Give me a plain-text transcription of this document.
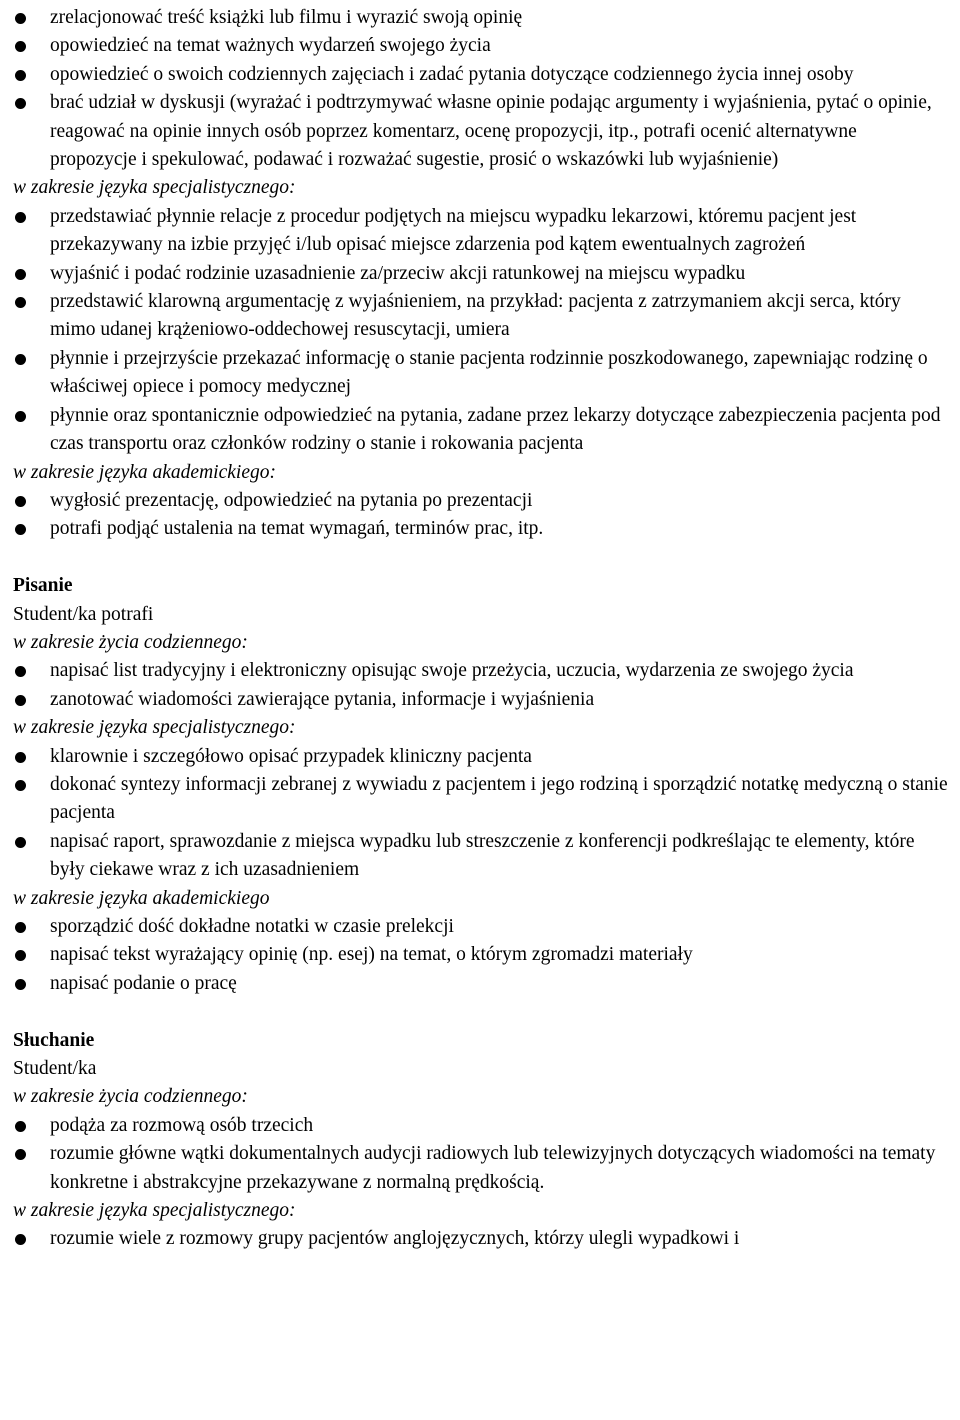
zrelacjonować treść książki lub filmu i wyrazić swoją opinię
opowiedzieć na temat ważnych wydarzeń swojego życia
opowiedzieć o swoich codziennych zajęciach i zadać pytania dotyczące codziennego życia innej osoby
brać udział w dyskusji (wyrażać i podtrzymywać własne opinie podając argumenty i wyjaśnienia, pytać o opinie, reagować na opinie innych osób poprzez komentarz, ocenę propozycji, itp., potrafi ocenić alternatywne propozycje i spekulować, podawać i rozważać sugestie, prosić o wskazówki lub wyjaśnienie)
w zakresie języka specjalistycznego:
przedstawiać płynnie relacje z procedur podjętych na miejscu wypadku lekarzowi, któremu pacjent jest przekazywany na izbie przyjęć i/lub opisać miejsce zdarzenia pod kątem ewentualnych zagrożeń
wyjaśnić i podać rodzinie uzasadnienie za/przeciw akcji ratunkowej na miejscu wypadku
przedstawić klarowną argumentację z wyjaśnieniem, na przykład: pacjenta z zatrzymaniem akcji serca, który mimo udanej krążeniowo-oddechowej resuscytacji, umiera
płynnie i przejrzyście przekazać informację o stanie pacjenta rodzinnie poszkodowanego, zapewniając rodzinę o właściwej opiece i pomocy medycznej
płynnie oraz spontanicznie odpowiedzieć na pytania, zadane przez lekarzy dotyczące zabezpieczenia pacjenta pod czas transportu oraz członków rodziny o stanie i rokowania pacjenta
w zakresie języka akademickiego:
wygłosić prezentację, odpowiedzieć na pytania po prezentacji
potrafi podjąć ustalenia na temat wymagań, terminów prac, itp.
Pisanie
Student/ka potrafi
w zakresie życia codziennego:
napisać list tradycyjny i elektroniczny opisując swoje przeżycia, uczucia, wydarzenia ze swojego życia
zanotować wiadomości zawierające pytania, informacje i wyjaśnienia
w zakresie języka specjalistycznego:
klarownie i szczegółowo opisać przypadek kliniczny pacjenta
dokonać syntezy informacji zebranej z wywiadu z pacjentem i jego rodziną i sporządzić notatkę medyczną o stanie pacjenta
napisać raport, sprawozdanie z miejsca wypadku lub streszczenie z konferencji podkreślając te elementy, które były ciekawe wraz z ich uzasadnieniem
w zakresie języka akademickiego
sporządzić dość dokładne notatki w czasie prelekcji
napisać tekst wyrażający opinię (np. esej) na temat, o którym zgromadzi materiały
napisać podanie o pracę
Słuchanie
Student/ka
w zakresie życia codziennego:
podąża za rozmową osób trzecich
rozumie główne wątki dokumentalnych audycji radiowych lub telewizyjnych dotyczących wiadomości na tematy konkretne i abstrakcyjne przekazywane z normalną prędkością.
w zakresie języka specjalistycznego:
rozumie wiele z rozmowy grupy pacjentów anglojęzycznych, którzy ulegli wypadkowi i
